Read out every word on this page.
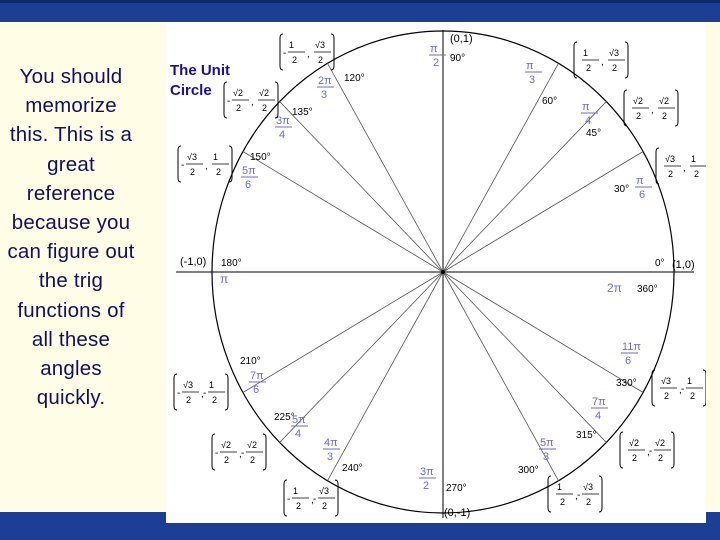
You should memorize this. This is a great reference because you can figure out the trig functions of all these angles quickly.
The Unit
Circle
(0,1)
(-1,0)	(1,0)
(0,-1)
0°
2π 360°
30°
π
6
45°
π
4
60°
π
3
90°
π
2
120°
2π
3
135°
3π
4
150°
5π
6
180°
π
210°
7π
6
225°
5π
4
240°
4π
3
270°
3π
2
300°
5π
3
315°
7π
4
330°
11π
6
√3
2 ,
1
2
√2
2 ,
√2
2
1
2 ,
√3
2
-
1
2 ,
√3
2
-
√2
2 ,
√2
2
-
√3
2 ,
1
2
-
√3
2 , -
1
2
-
√2
2 , -
√2
2
-
1
2 , -
√3
2
1
2 , -
√3
2
√2
2 , -
√2
2
√3
2 , -
1
2
